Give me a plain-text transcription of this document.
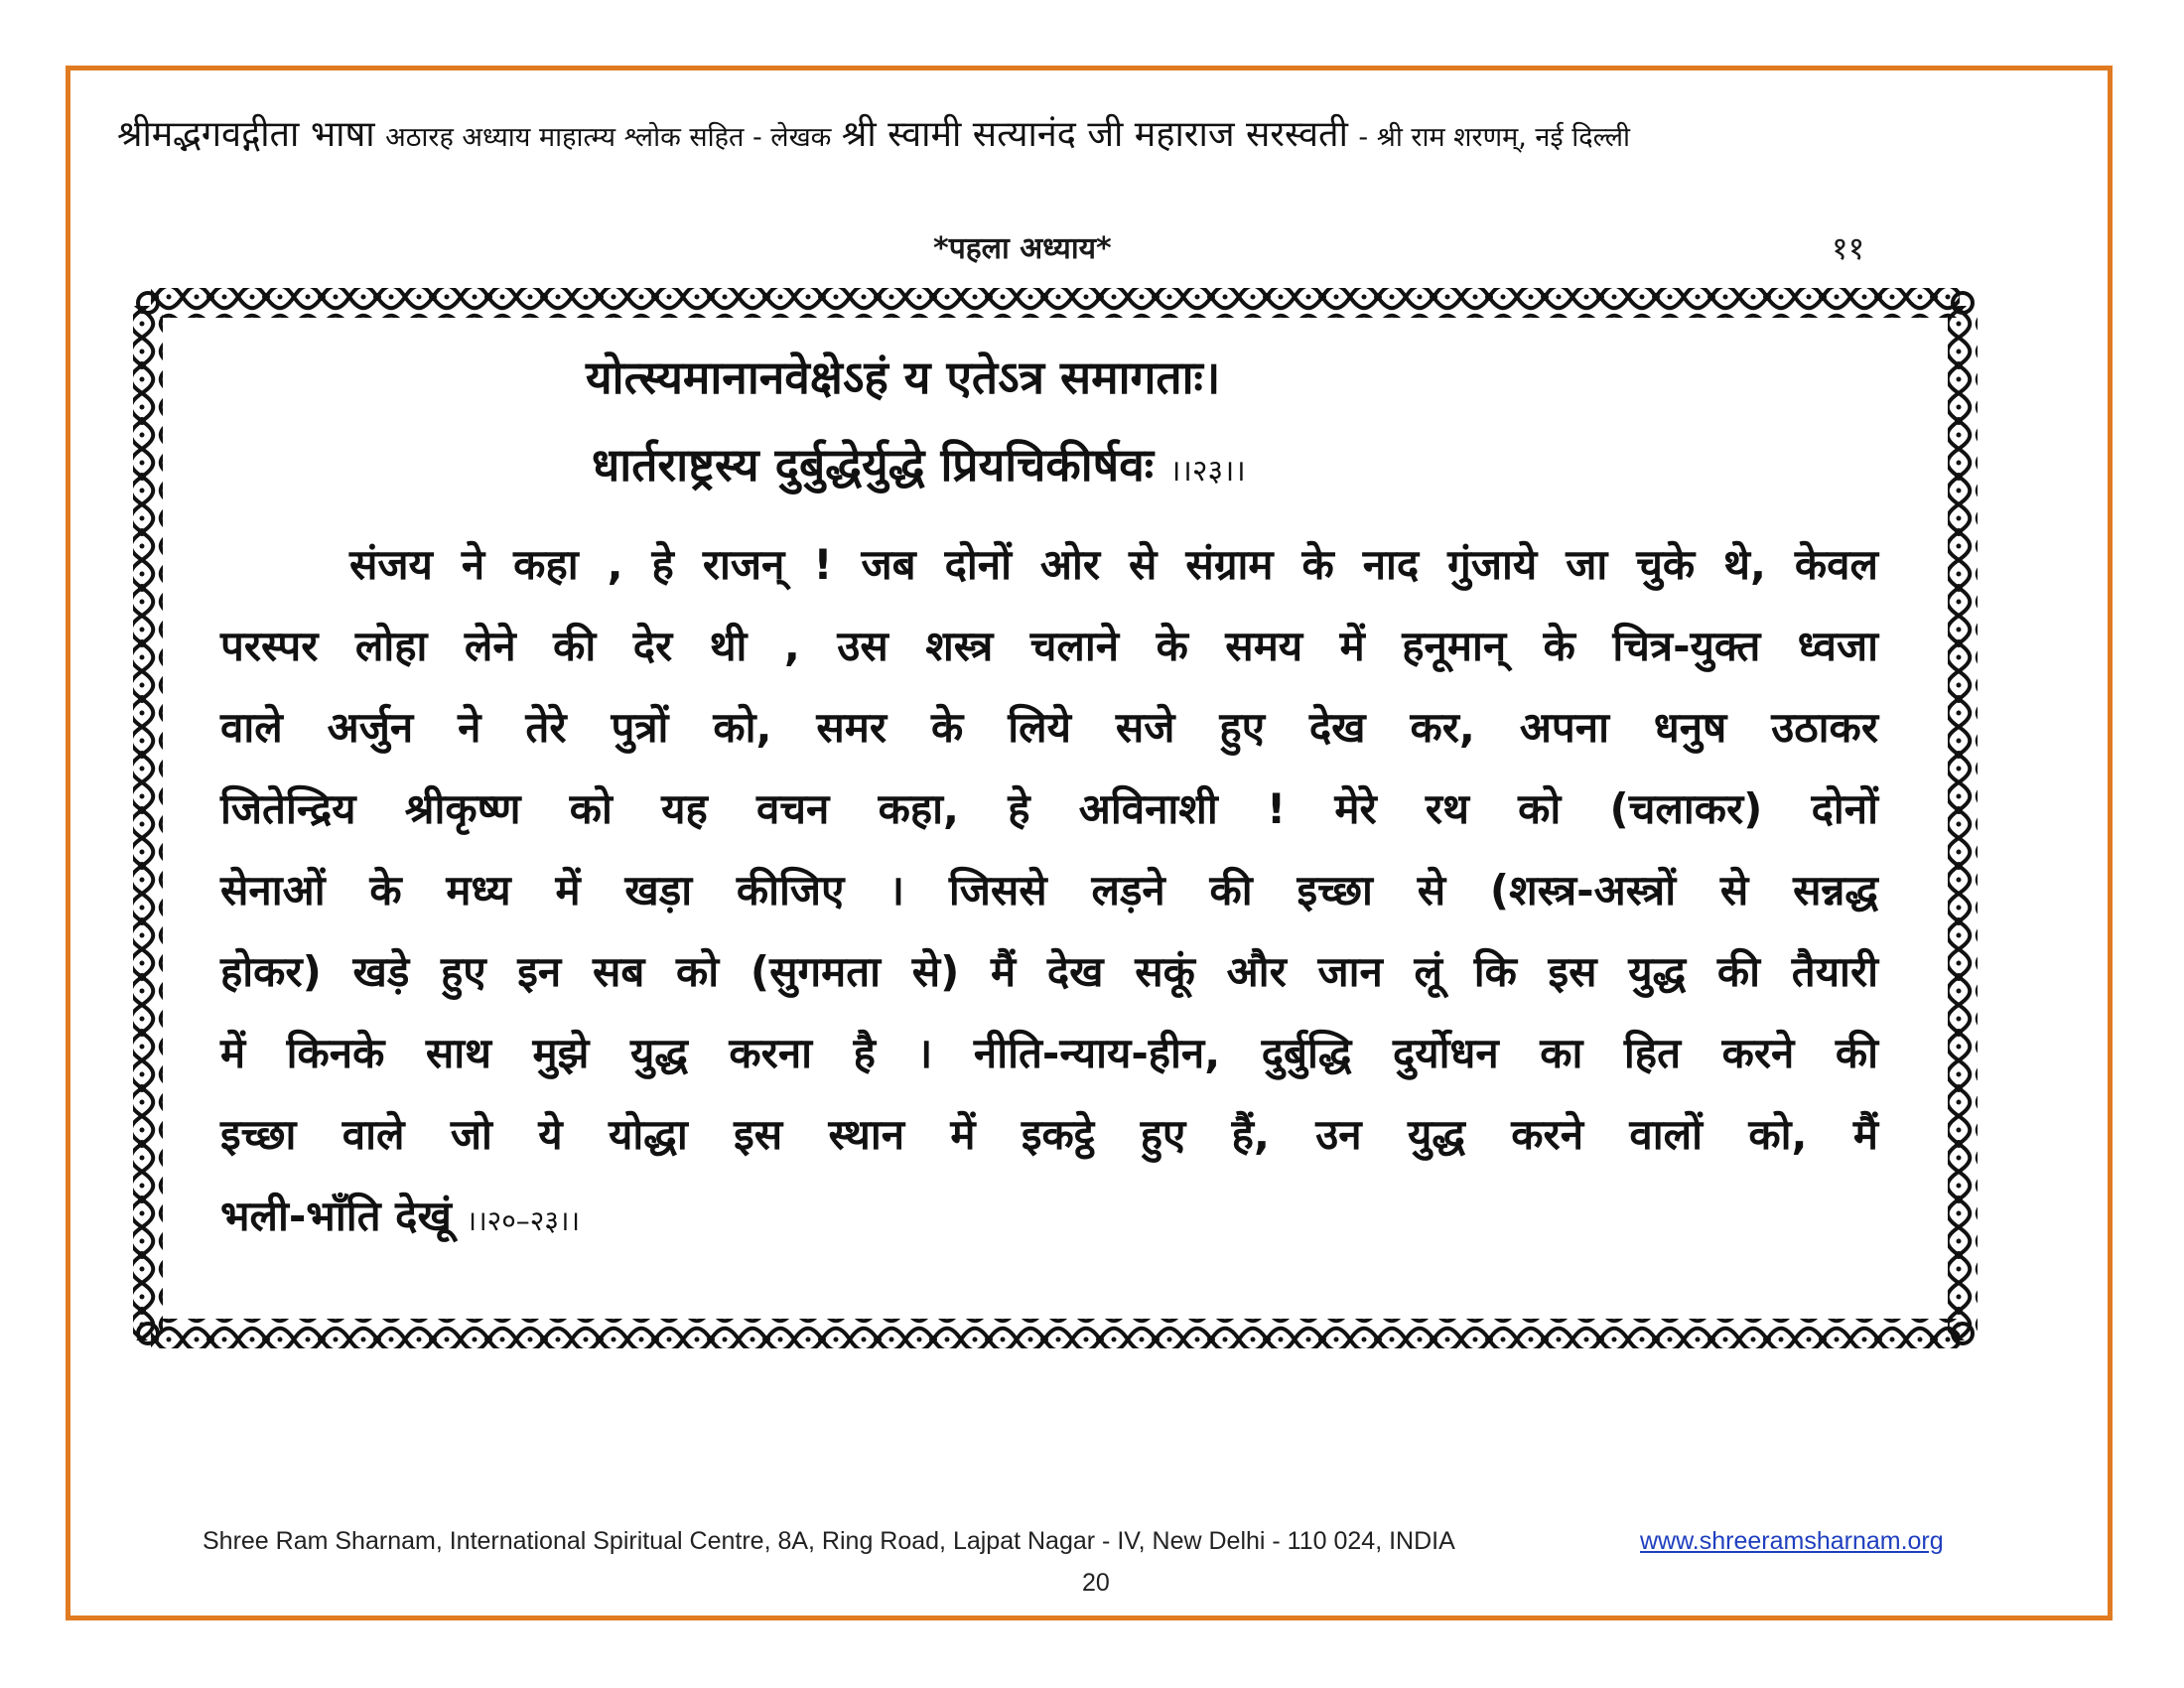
श्रीमद्भगवद्गीता भाषा अठारह अध्याय माहात्म्य श्लोक सहित - लेखक श्री स्वामी सत्यानंद जी महाराज सरस्वती - श्री राम शरणम्, नई दिल्ली
*पहला अध्याय*	११
योत्स्यमानानवेक्षेऽहं य एतेऽत्र समागताः।
धार्तराष्ट्रस्य दुर्बुद्धेर्युद्धे प्रियचिकीर्षवः ।।२३।।
संजय ने कहा , हे राजन् ! जब दोनों ओर से संग्राम के नाद गुंजाये जा चुके थे, केवल
परस्पर लोहा लेने की देर थी , उस शस्त्र चलाने के समय में हनूमान् के चित्र-युक्त ध्वजा
वाले अर्जुन ने तेरे पुत्रों को, समर के लिये सजे हुए देख कर, अपना धनुष उठाकर
जितेन्द्रिय श्रीकृष्ण को यह वचन कहा, हे अविनाशी ! मेरे रथ को (चलाकर) दोनों
सेनाओं के मध्य में खड़ा कीजिए । जिससे लड़ने की इच्छा से (शस्त्र-अस्त्रों से सन्नद्ध
होकर) खड़े हुए इन सब को (सुगमता से) मैं देख सकूं और जान लूं कि इस युद्ध की तैयारी
में किनके साथ मुझे युद्ध करना है । नीति-न्याय-हीन, दुर्बुद्धि दुर्योधन का हित करने की
इच्छा वाले जो ये योद्धा इस स्थान में इकट्ठे हुए हैं, उन युद्ध करने वालों को, मैं
भली-भाँति देखूं ।।२०–२३।।
Shree Ram Sharnam, International Spiritual Centre, 8A, Ring Road, Lajpat Nagar - IV, New Delhi - 110 024, INDIA	www.shreeramsharnam.org
20
